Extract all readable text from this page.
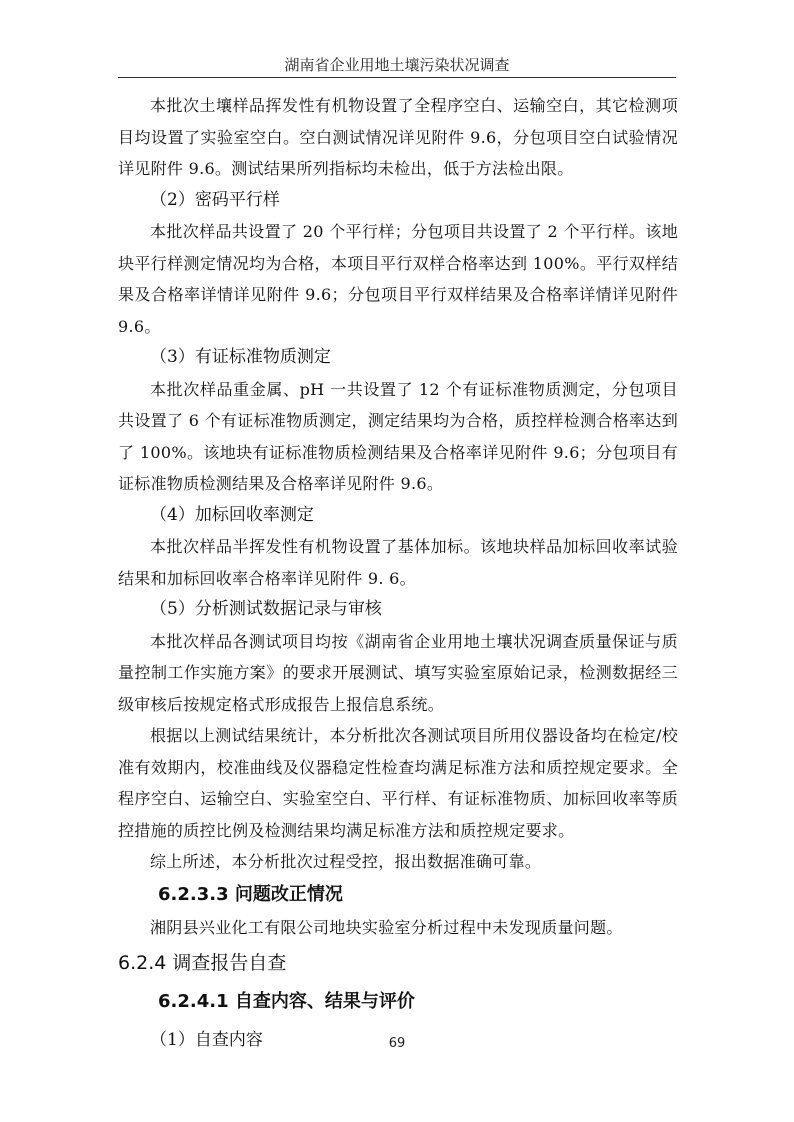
湖南省企业用地土壤污染状况调查

本批次土壤样品挥发性有机物设置了全程序空白、运输空白，其它检测项目均设置了实验室空白。空白测试情况详见附件 9.6，分包项目空白试验情况详见附件 9.6。测试结果所列指标均未检出，低于方法检出限。

（2）密码平行样

本批次样品共设置了 20 个平行样；分包项目共设置了 2 个平行样。该地块平行样测定情况均为合格，本项目平行双样合格率达到 100%。平行双样结果及合格率详情详见附件 9.6；分包项目平行双样结果及合格率详情详见附件 9.6。

（3）有证标准物质测定

本批次样品重金属、pH 一共设置了 12 个有证标准物质测定，分包项目共设置了 6 个有证标准物质测定，测定结果均为合格，质控样检测合格率达到了 100%。该地块有证标准物质检测结果及合格率详见附件 9.6；分包项目有证标准物质检测结果及合格率详见附件 9.6。

（4）加标回收率测定

本批次样品半挥发性有机物设置了基体加标。该地块样品加标回收率试验结果和加标回收率合格率详见附件 9. 6。

（5）分析测试数据记录与审核

本批次样品各测试项目均按《湖南省企业用地土壤状况调查质量保证与质量控制工作实施方案》的要求开展测试、填写实验室原始记录，检测数据经三级审核后按规定格式形成报告上报信息系统。

根据以上测试结果统计，本分析批次各测试项目所用仪器设备均在检定/校准有效期内，校准曲线及仪器稳定性检查均满足标准方法和质控规定要求。全程序空白、运输空白、实验室空白、平行样、有证标准物质、加标回收率等质控措施的质控比例及检测结果均满足标准方法和质控规定要求。

综上所述，本分析批次过程受控，报出数据准确可靠。

6.2.3.3 问题改正情况

湘阴县兴业化工有限公司地块实验室分析过程中未发现质量问题。

6.2.4 调查报告自查

6.2.4.1 自查内容、结果与评价

（1）自查内容	69
